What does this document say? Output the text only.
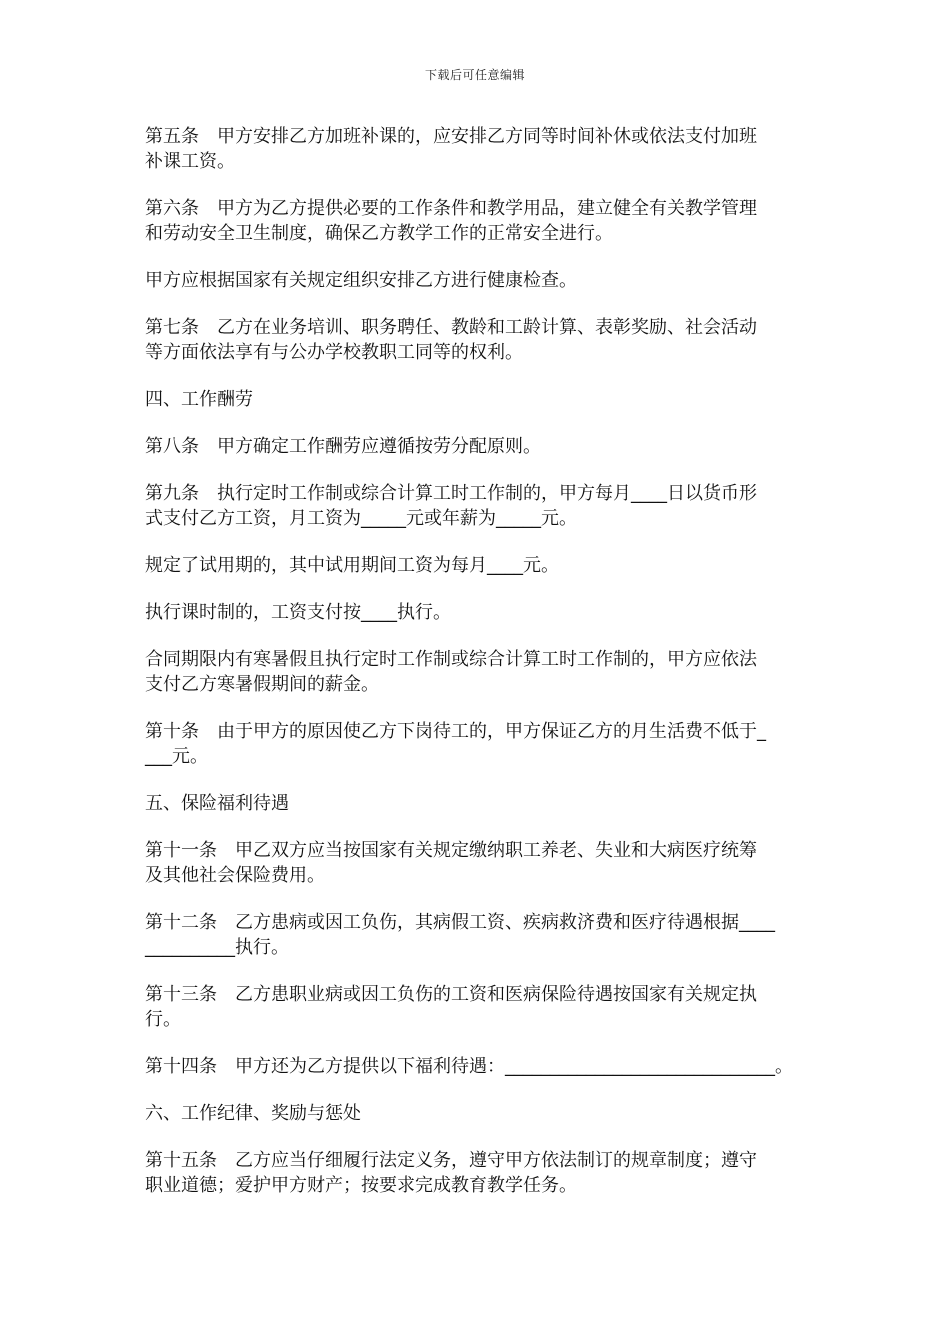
下载后可任意编辑
第五条　甲方安排乙方加班补课的，应安排乙方同等时间补休或依法支付加班
补课工资。
第六条　甲方为乙方提供必要的工作条件和教学用品，建立健全有关教学管理
和劳动安全卫生制度，确保乙方教学工作的正常安全进行。
甲方应根据国家有关规定组织安排乙方进行健康检查。
第七条　乙方在业务培训、职务聘任、教龄和工龄计算、表彰奖励、社会活动
等方面依法享有与公办学校教职工同等的权利。
四、工作酬劳
第八条　甲方确定工作酬劳应遵循按劳分配原则。
第九条　执行定时工作制或综合计算工时工作制的，甲方每月____日以货币形
式支付乙方工资，月工资为_____元或年薪为_____元。
规定了试用期的，其中试用期间工资为每月____元。
执行课时制的，工资支付按____执行。
合同期限内有寒暑假且执行定时工作制或综合计算工时工作制的，甲方应依法
支付乙方寒暑假期间的薪金。
第十条　由于甲方的原因使乙方下岗待工的，甲方保证乙方的月生活费不低于_
___元。
五、保险福利待遇
第十一条　甲乙双方应当按国家有关规定缴纳职工养老、失业和大病医疗统筹
及其他社会保险费用。
第十二条　乙方患病或因工负伤，其病假工资、疾病救济费和医疗待遇根据____
__________执行。
第十三条　乙方患职业病或因工负伤的工资和医病保险待遇按国家有关规定执
行。
第十四条　甲方还为乙方提供以下福利待遇：______________________________。
六、工作纪律、奖励与惩处
第十五条　乙方应当仔细履行法定义务，遵守甲方依法制订的规章制度；遵守
职业道德；爱护甲方财产；按要求完成教育教学任务。
